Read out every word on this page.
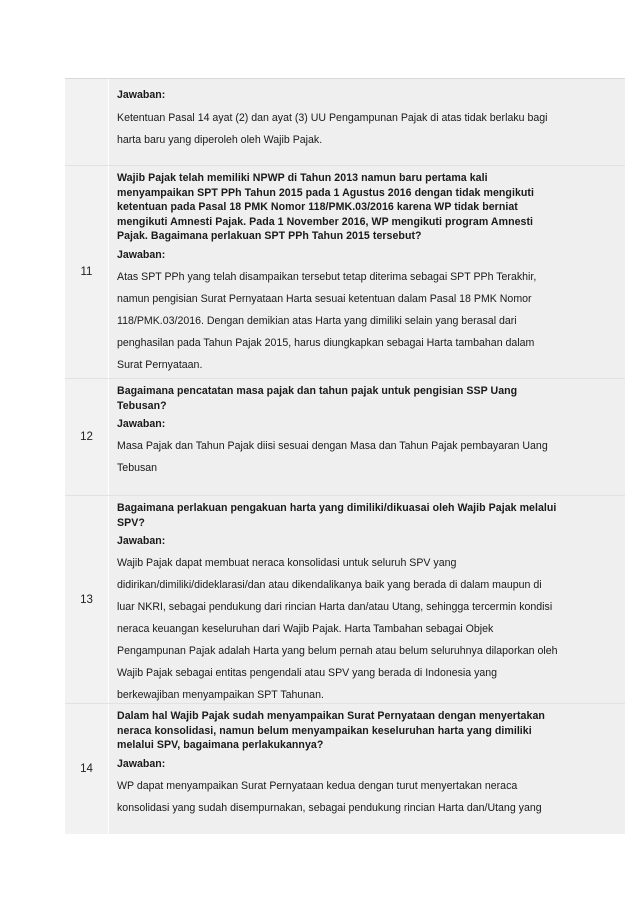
Jawaban:
Ketentuan Pasal 14 ayat (2) dan ayat (3) UU Pengampunan Pajak di atas tidak berlaku bagi
harta baru yang diperoleh oleh Wajib Pajak.
11
Wajib Pajak telah memiliki NPWP di Tahun 2013 namun baru pertama kali
menyampaikan SPT PPh Tahun 2015 pada 1 Agustus 2016 dengan tidak mengikuti
ketentuan pada Pasal 18 PMK Nomor 118/PMK.03/2016 karena WP tidak berniat
mengikuti Amnesti Pajak. Pada 1 November 2016, WP mengikuti program Amnesti
Pajak. Bagaimana perlakuan SPT PPh Tahun 2015 tersebut?
Jawaban:
Atas SPT PPh yang telah disampaikan tersebut tetap diterima sebagai SPT PPh Terakhir,
namun pengisian Surat Pernyataan Harta sesuai ketentuan dalam Pasal 18 PMK Nomor
118/PMK.03/2016. Dengan demikian atas Harta yang dimiliki selain yang berasal dari
penghasilan pada Tahun Pajak 2015, harus diungkapkan sebagai Harta tambahan dalam
Surat Pernyataan.
12
Bagaimana pencatatan masa pajak dan tahun pajak untuk pengisian SSP Uang
Tebusan?
Jawaban:
Masa Pajak dan Tahun Pajak diisi sesuai dengan Masa dan Tahun Pajak pembayaran Uang
Tebusan
13
Bagaimana perlakuan pengakuan harta yang dimiliki/dikuasai oleh Wajib Pajak melalui
SPV?
Jawaban:
Wajib Pajak dapat membuat neraca konsolidasi untuk seluruh SPV yang
didirikan/dimiliki/dideklarasi/dan atau dikendalikanya baik yang berada di dalam maupun di
luar NKRI, sebagai pendukung dari rincian Harta dan/atau Utang, sehingga tercermin kondisi
neraca keuangan keseluruhan dari Wajib Pajak. Harta Tambahan sebagai Objek
Pengampunan Pajak adalah Harta yang belum pernah atau belum seluruhnya dilaporkan oleh
Wajib Pajak sebagai entitas pengendali atau SPV yang berada di Indonesia yang
berkewajiban menyampaikan SPT Tahunan.
14
Dalam hal Wajib Pajak sudah menyampaikan Surat Pernyataan dengan menyertakan
neraca konsolidasi, namun belum menyampaikan keseluruhan harta yang dimiliki
melalui SPV, bagaimana perlakukannya?
Jawaban:
WP dapat menyampaikan Surat Pernyataan kedua dengan turut menyertakan neraca
konsolidasi yang sudah disempurnakan, sebagai pendukung rincian Harta dan/Utang yang
